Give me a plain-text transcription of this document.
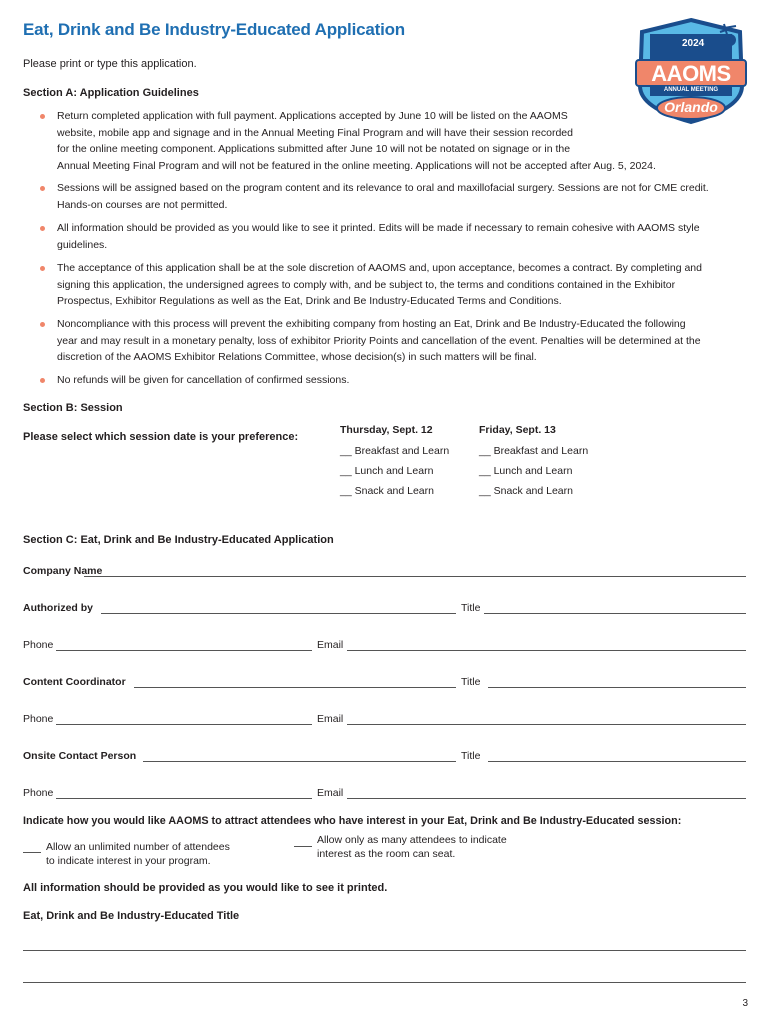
Eat, Drink and Be Industry-Educated Application
Please print or type this application.
2024
AAOMS
ANNUAL MEETING
Orlando
Section A: Application Guidelines
Return completed application with full payment. Applications accepted by June 10 will be listed on the AAOMS
website, mobile app and signage and in the Annual Meeting Final Program and will have their session recorded
for the online meeting component. Applications submitted after June 10 will not be notated on signage or in the
Annual Meeting Final Program and will not be featured in the online meeting. Applications will not be accepted after Aug. 5, 2024.
Sessions will be assigned based on the program content and its relevance to oral and maxillofacial surgery. Sessions are not for CME credit.
Hands-on courses are not permitted.
All information should be provided as you would like to see it printed. Edits will be made if necessary to remain cohesive with AAOMS style
guidelines.
The acceptance of this application shall be at the sole discretion of AAOMS and, upon acceptance, becomes a contract. By completing and
signing this application, the undersigned agrees to comply with, and be subject to, the terms and conditions contained in the Exhibitor
Prospectus, Exhibitor Regulations as well as the Eat, Drink and Be Industry-Educated Terms and Conditions.
Noncompliance with this process will prevent the exhibiting company from hosting an Eat, Drink and Be Industry-Educated the following
year and may result in a monetary penalty, loss of exhibitor Priority Points and cancellation of the event. Penalties will be determined at the
discretion of the AAOMS Exhibitor Relations Committee, whose decision(s) in such matters will be final.
No refunds will be given for cancellation of confirmed sessions.
Section B: Session
Please select which session date is your preference:
Thursday, Sept. 12
__ Breakfast and Learn
__ Lunch and Learn
__ Snack and Learn
Friday, Sept. 13
__ Breakfast and Learn
__ Lunch and Learn
__ Snack and Learn
Section C: Eat, Drink and Be Industry-Educated Application
Company Name
Authorized by	Title
Phone	Email
Content Coordinator	Title
Phone	Email
Onsite Contact Person	Title
Phone	Email
Indicate how you would like AAOMS to attract attendees who have interest in your Eat, Drink and Be Industry-Educated session:
Allow an unlimited number of attendees
to indicate interest in your program.
Allow only as many attendees to indicate
interest as the room can seat.
All information should be provided as you would like to see it printed.
Eat, Drink and Be Industry-Educated Title
3
